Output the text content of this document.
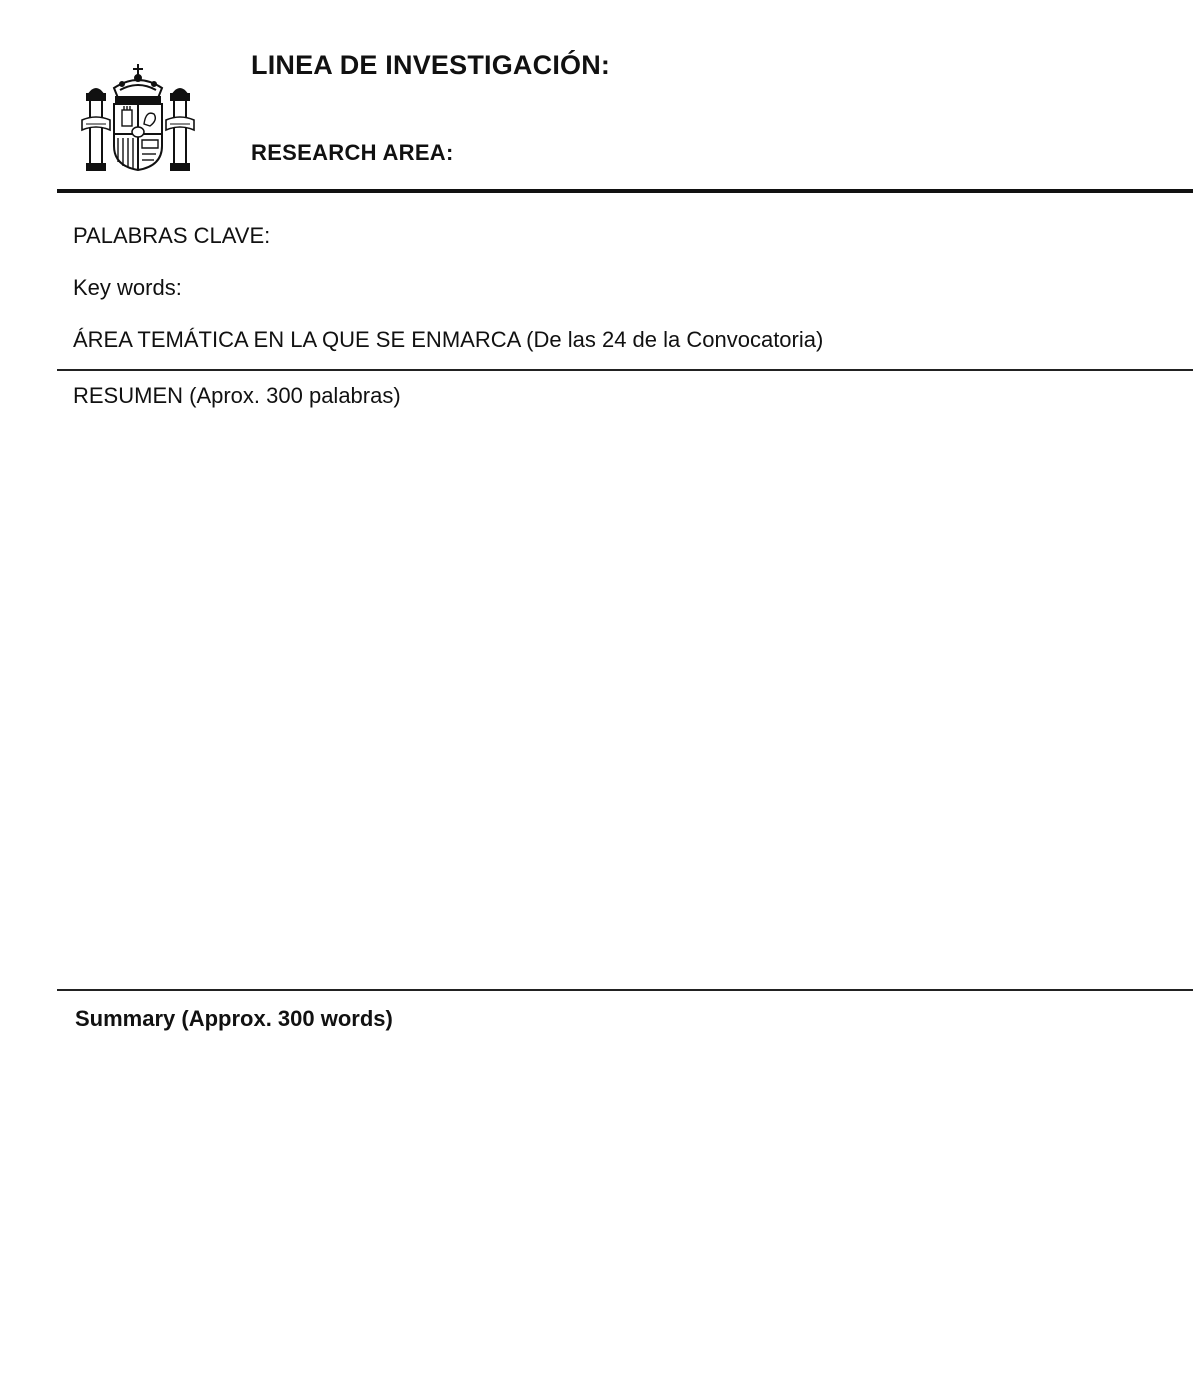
LINEA DE INVESTIGACIÓN:
RESEARCH AREA:
PALABRAS CLAVE:
Key words:
ÁREA TEMÁTICA EN LA QUE SE ENMARCA (De las 24 de la Convocatoria)
RESUMEN (Aprox. 300 palabras)
Summary (Approx. 300 words)
